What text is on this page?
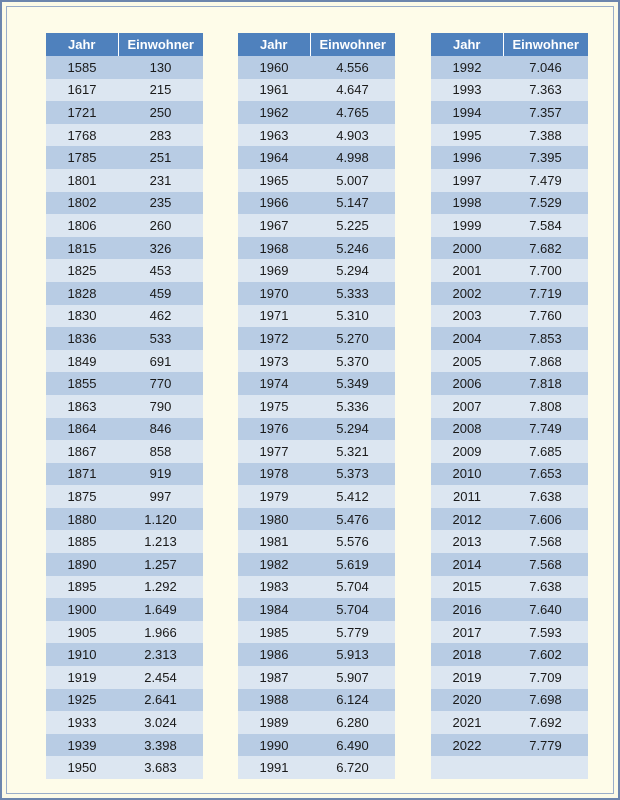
Jahr	Einwohner
1585	130
1617	215
1721	250
1768	283
1785	251
1801	231
1802	235
1806	260
1815	326
1825	453
1828	459
1830	462
1836	533
1849	691
1855	770
1863	790
1864	846
1867	858
1871	919
1875	997
1880	1.120
1885	1.213
1890	1.257
1895	1.292
1900	1.649
1905	1.966
1910	2.313
1919	2.454
1925	2.641
1933	3.024
1939	3.398
1950	3.683
Jahr	Einwohner
1960	4.556
1961	4.647
1962	4.765
1963	4.903
1964	4.998
1965	5.007
1966	5.147
1967	5.225
1968	5.246
1969	5.294
1970	5.333
1971	5.310
1972	5.270
1973	5.370
1974	5.349
1975	5.336
1976	5.294
1977	5.321
1978	5.373
1979	5.412
1980	5.476
1981	5.576
1982	5.619
1983	5.704
1984	5.704
1985	5.779
1986	5.913
1987	5.907
1988	6.124
1989	6.280
1990	6.490
1991	6.720
Jahr	Einwohner
1992	7.046
1993	7.363
1994	7.357
1995	7.388
1996	7.395
1997	7.479
1998	7.529
1999	7.584
2000	7.682
2001	7.700
2002	7.719
2003	7.760
2004	7.853
2005	7.868
2006	7.818
2007	7.808
2008	7.749
2009	7.685
2010	7.653
2011	7.638
2012	7.606
2013	7.568
2014	7.568
2015	7.638
2016	7.640
2017	7.593
2018	7.602
2019	7.709
2020	7.698
2021	7.692
2022	7.779
